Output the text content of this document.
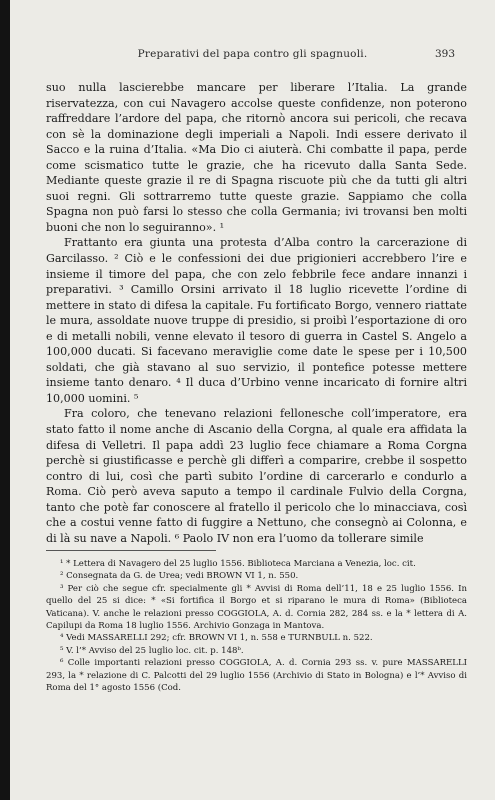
Preparativi del papa contro gli spagnuoli.	393

suo nulla lascierebbe mancare per liberare l’Italia. La grande riservatezza, con cui Navagero accolse queste confidenze, non poterono raffreddare l’ardore del papa, che ritornò ancora sui pericoli, che recava con sè la dominazione degli imperiali a Napoli. Indi essere derivato il Sacco e la ruina d’Italia. «Ma Dio ci aiuterà. Chi combatte il papa, perde come scismatico tutte le grazie, che ha ricevuto dalla Santa Sede. Mediante queste grazie il re di Spagna riscuote più che da tutti gli altri suoi regni. Gli sottrarremo tutte queste grazie. Sappiamo che colla Spagna non può farsi lo stesso che colla Germania; ivi trovansi ben molti buoni che non lo seguiranno». ¹

Frattanto era giunta una protesta d’Alba contro la carcerazione di Garcilasso. ² Ciò e le confessioni dei due prigionieri accrebbero l’ire e insieme il timore del papa, che con zelo febbrile fece andare innanzi i preparativi. ³ Camillo Orsini arrivato il 18 luglio ricevette l’ordine di mettere in stato di difesa la capitale. Fu fortificato Borgo, vennero riattate le mura, assoldate nuove truppe di presidio, si proibì l’esportazione di oro e di metalli nobili, venne elevato il tesoro di guerra in Castel S. Angelo a 100,000 ducati. Si facevano meraviglie come date le spese per i 10,500 soldati, che già stavano al suo servizio, il pontefice potesse mettere insieme tanto denaro. ⁴ Il duca d’Urbino venne incaricato di fornire altri 10,000 uomini. ⁵

Fra coloro, che tenevano relazioni fellonesche coll’imperatore, era stato fatto il nome anche di Ascanio della Corgna, al quale era affidata la difesa di Velletri. Il papa addì 23 luglio fece chiamare a Roma Corgna perchè si giustificasse e perchè gli differì a comparire, crebbe il sospetto contro di lui, così che partì subito l’ordine di carcerarlo e condurlo a Roma. Ciò però aveva saputo a tempo il cardinale Fulvio della Corgna, tanto che potè far conoscere al fratello il pericolo che lo minacciava, così che a costui venne fatto di fuggire a Nettuno, che consegnò ai Colonna, e di là su nave a Napoli. ⁶ Paolo IV non era l’uomo da tollerare simile

¹ * Lettera di Navagero del 25 luglio 1556. Biblioteca Marciana a Venezia, loc. cit.

² Consegnata da G. de Urea; vedi BROWN VI 1, n. 550.

³ Per ciò che segue cfr. specialmente gli * Avvisi di Roma dell’11, 18 e 25 luglio 1556. In quello del 25 si dice: * «Si fortifica il Borgo et si riparano le mura di Roma» (Biblioteca Vaticana). V. anche le relazioni presso COGGIOLA, A. d. Cornia 282, 284 ss. e la * lettera di A. Capilupi da Roma 18 luglio 1556. Archivio Gonzaga in Mantova.

⁴ Vedi MASSARELLI 292; cfr. BROWN VI 1, n. 558 e TURNBULL n. 522.

⁵ V. l’* Avviso del 25 luglio loc. cit. p. 148ᵇ.

⁶ Colle importanti relazioni presso COGGIOLA, A. d. Cornia 293 ss. v. pure MASSARELLI 293, la * relazione di C. Palcotti del 29 luglio 1556 (Archivio di Stato in Bologna) e l’* Avviso di Roma del 1° agosto 1556 (Cod.
